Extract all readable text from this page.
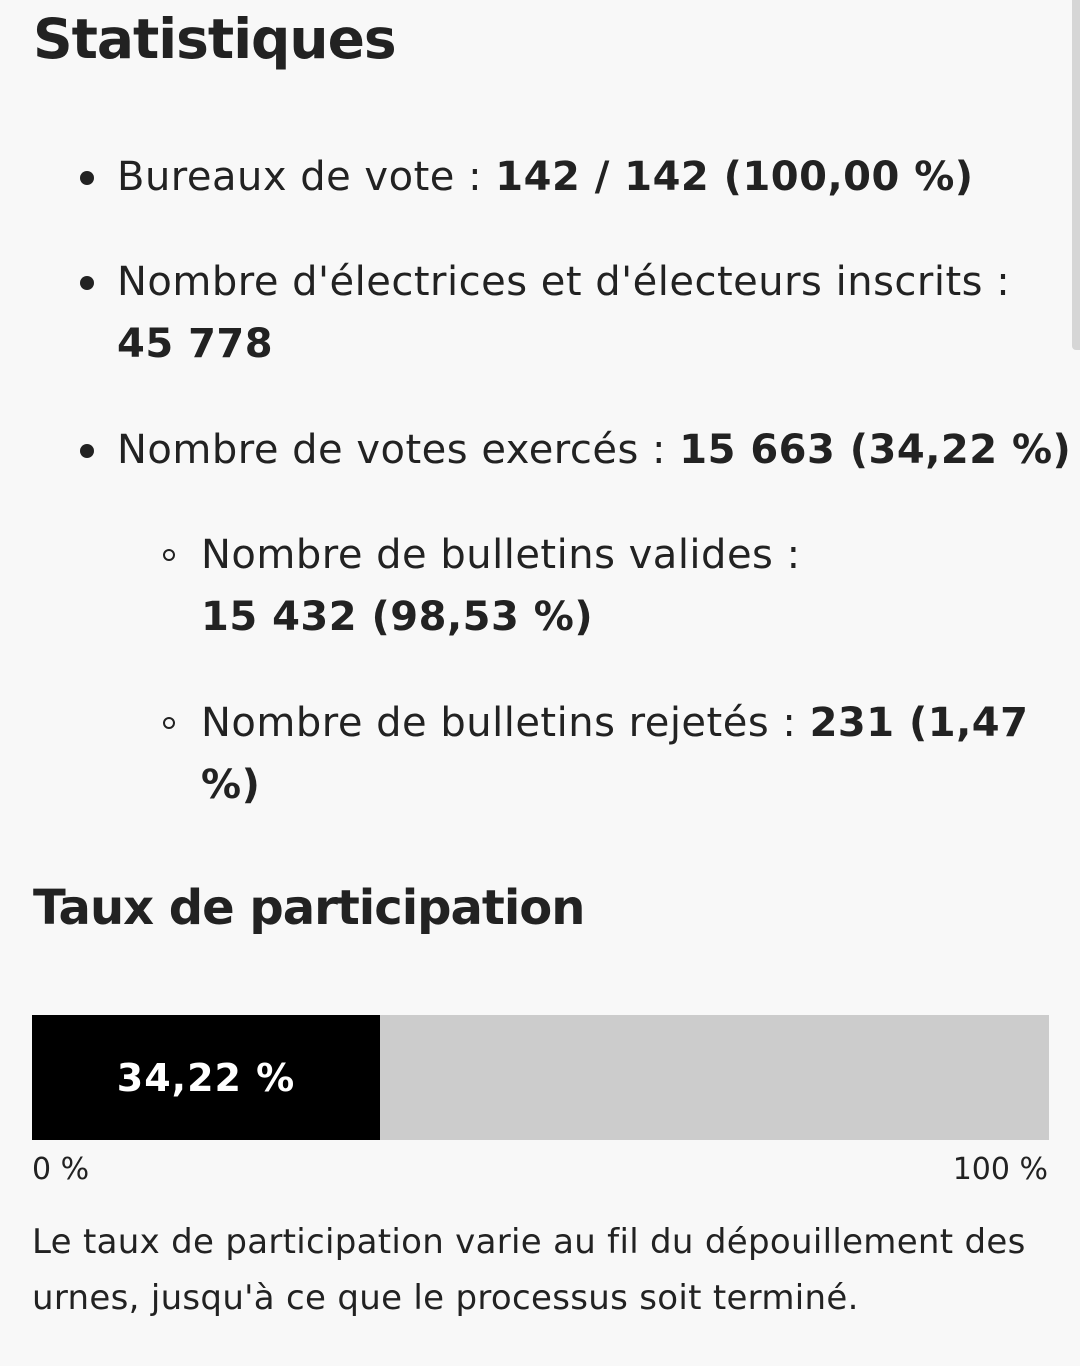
Statistiques
Bureaux de vote : 142 / 142 (100,00 %)
Nombre d'électrices et d'électeurs inscrits :
45 778
Nombre de votes exercés : 15 663 (34,22 %)
Nombre de bulletins valides :
15 432 (98,53 %)
Nombre de bulletins rejetés : 231 (1,47 %)
Taux de participation
34,22 %
0 %	100 %

Le taux de participation varie au fil du dépouillement des urnes, jusqu'à ce que le processus soit terminé.
